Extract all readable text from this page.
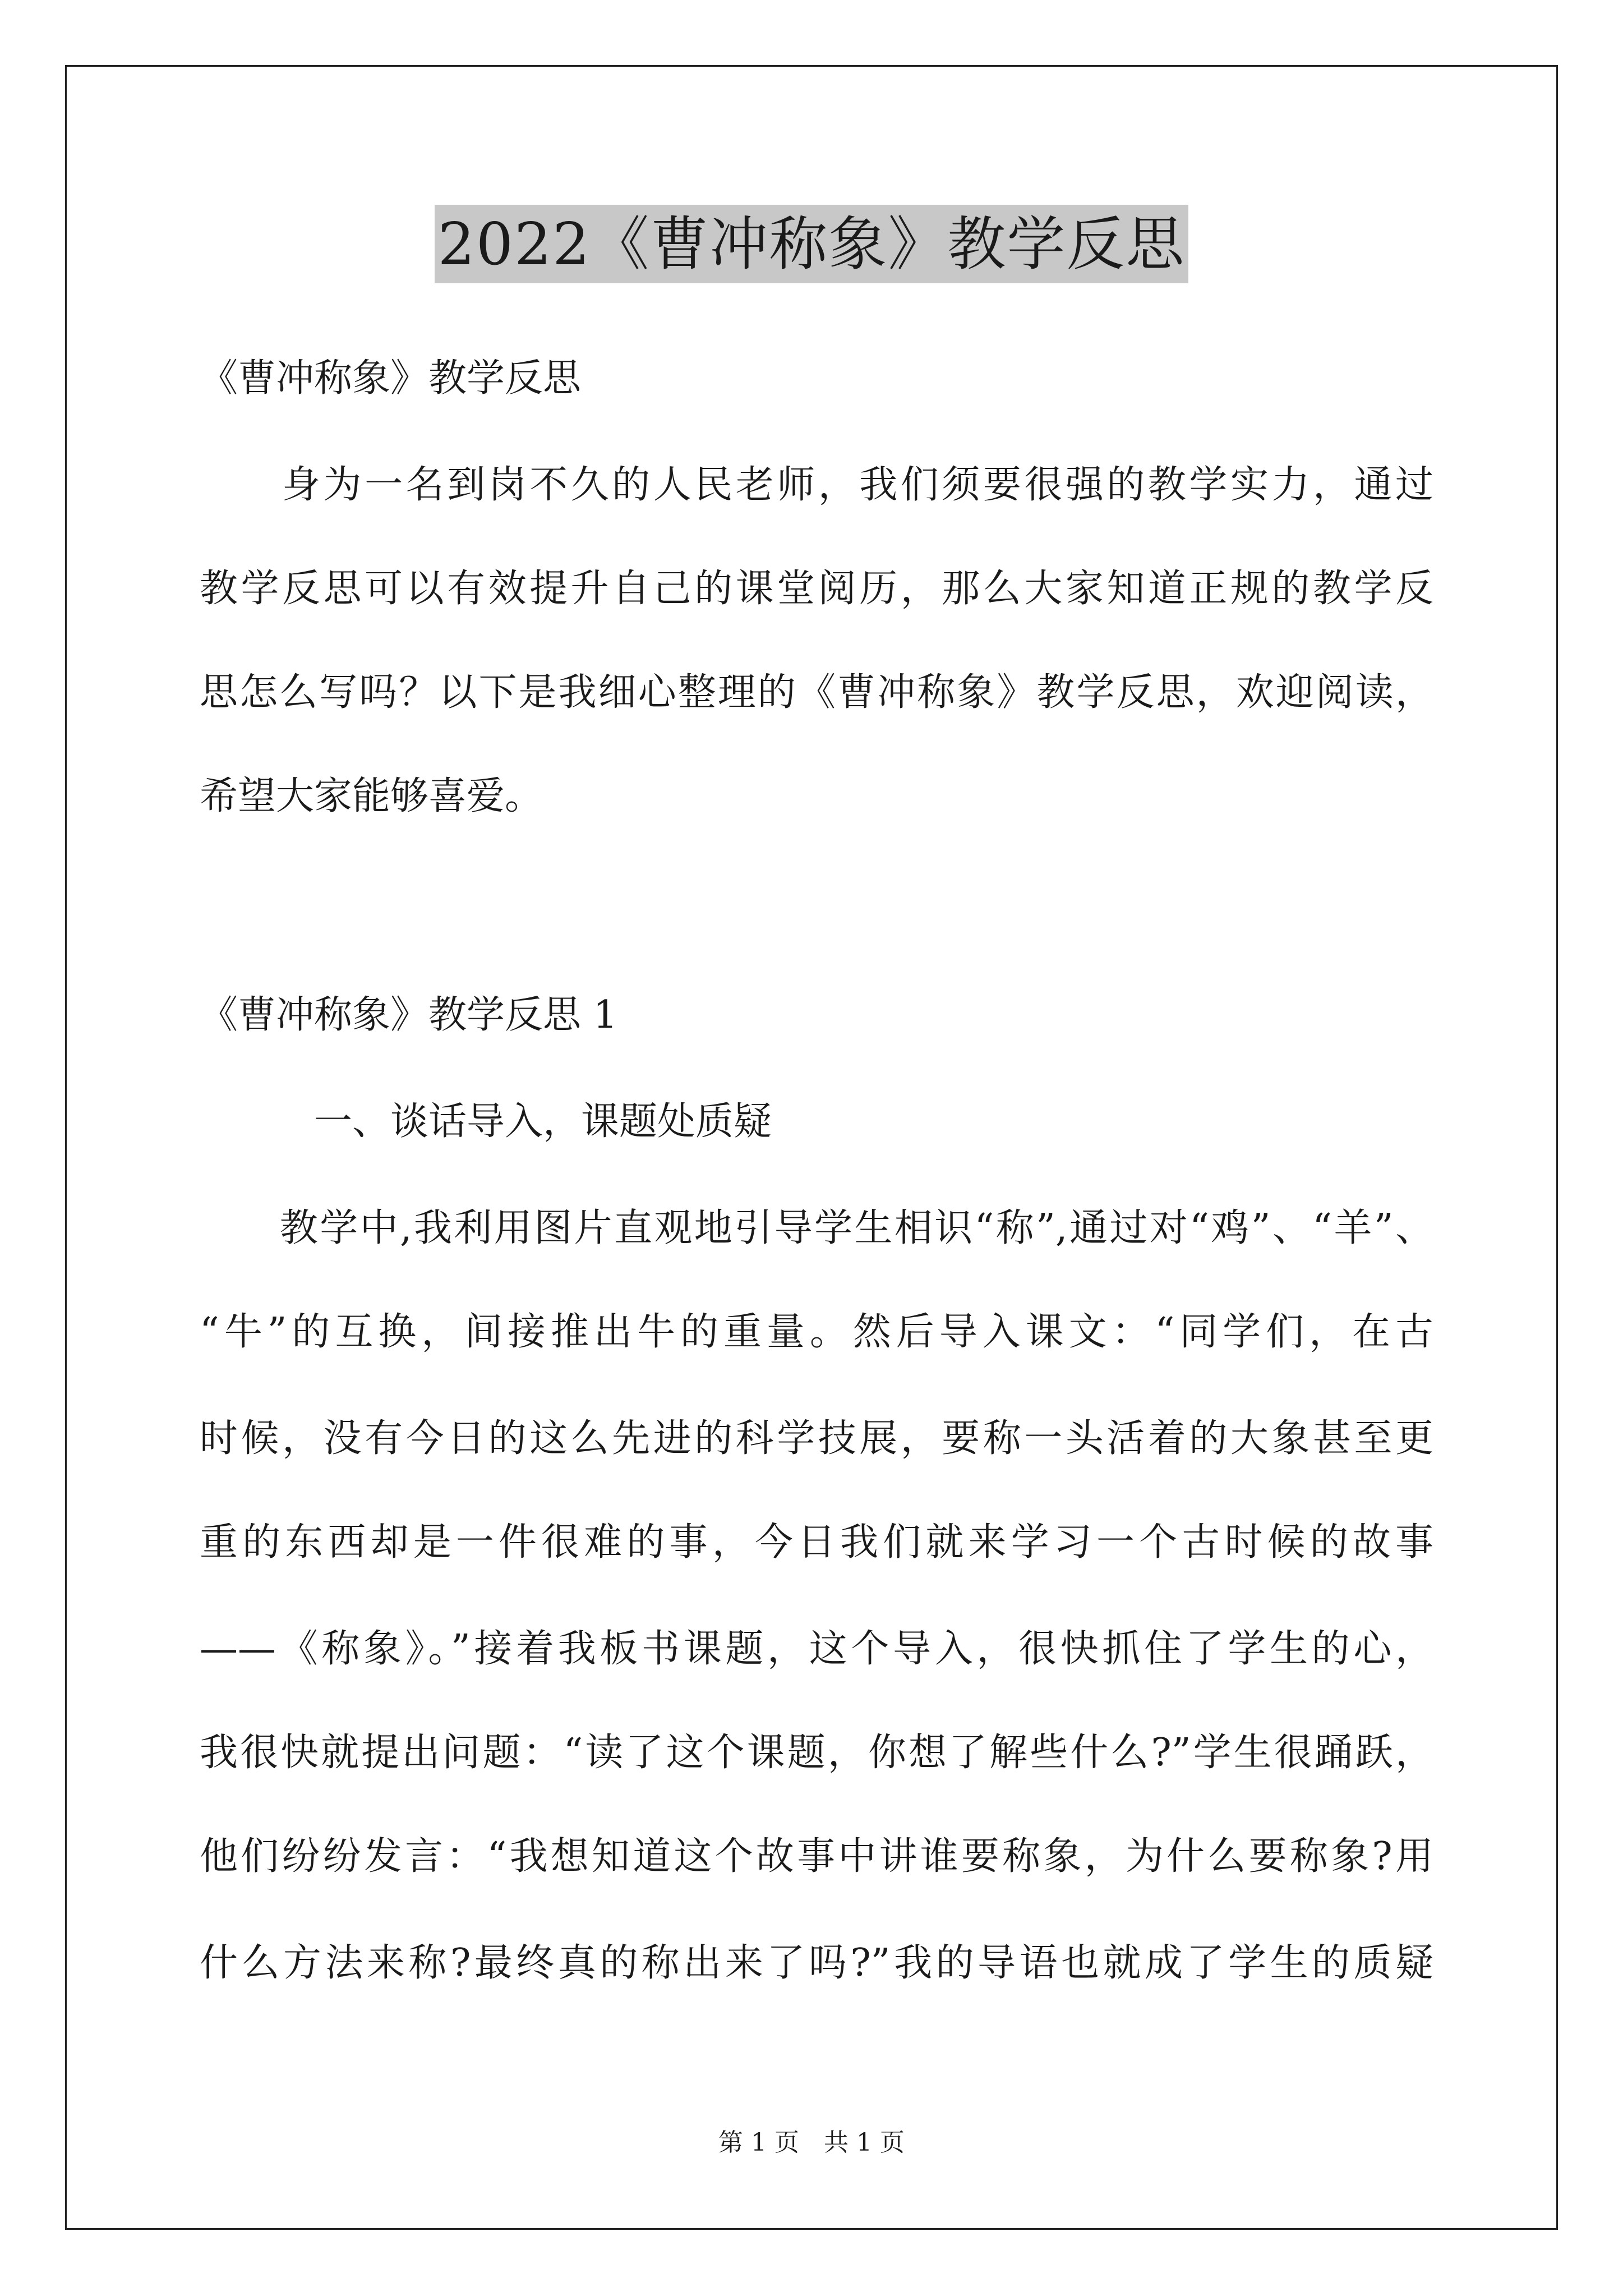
2022《曹冲称象》教学反思
《曹冲称象》教学反思
　　身为一名到岗不久的人民老师，我们须要很强的教学实力，通过
教学反思可以有效提升自己的课堂阅历，那么大家知道正规的教学反
思怎么写吗？以下是我细心整理的《曹冲称象》教学反思，欢迎阅读，
希望大家能够喜爱。
《曹冲称象》教学反思 1
　　　一、谈话导入，课题处质疑
　　教学中,我利用图片直观地引导学生相识“称”,通过对“鸡”、“羊”、
“牛”的互换，间接推出牛的重量。然后导入课文：“同学们，在古
时候，没有今日的这么先进的科学技展，要称一头活着的大象甚至更
重的东西却是一件很难的事，今日我们就来学习一个古时候的故事
——《称象》。”接着我板书课题，这个导入，很快抓住了学生的心，
我很快就提出问题：“读了这个课题，你想了解些什么?”学生很踊跃，
他们纷纷发言：“我想知道这个故事中讲谁要称象，为什么要称象?用
什么方法来称?最终真的称出来了吗?”我的导语也就成了学生的质疑
第 1 页　共 1 页
